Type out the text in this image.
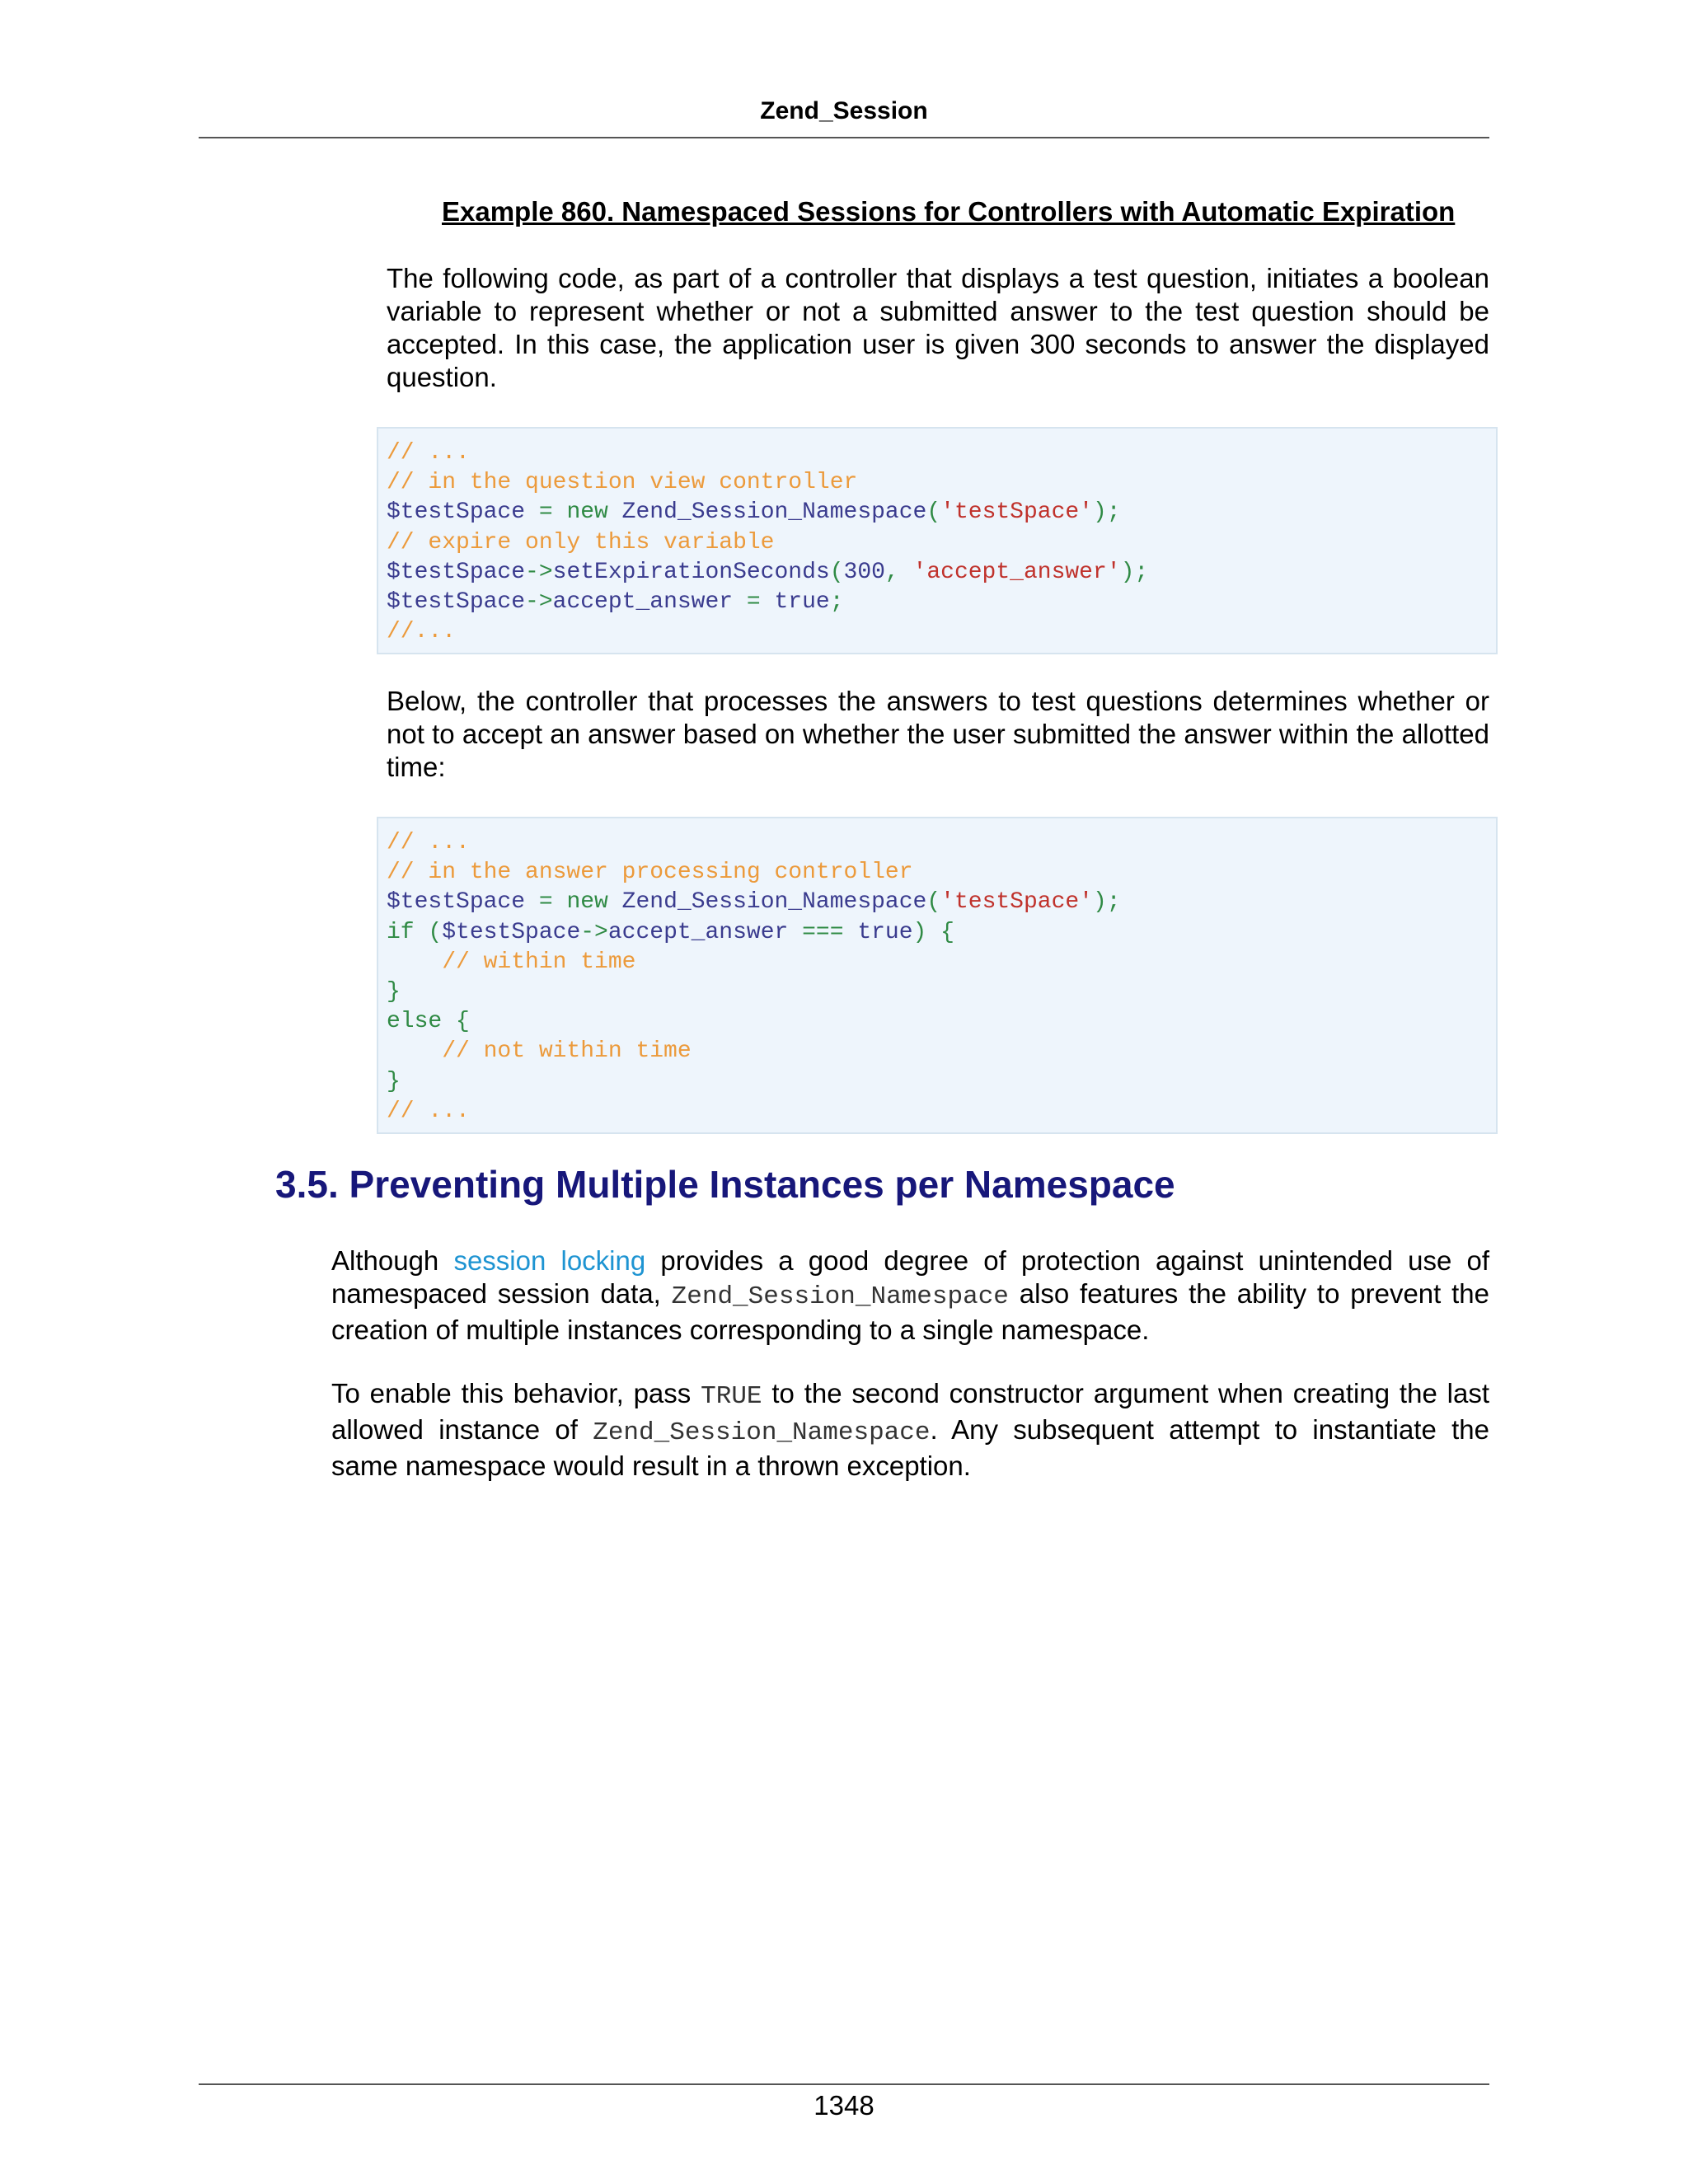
Zend_Session
Example 860. Namespaced Sessions for Controllers with Automatic Expiration

The following code, as part of a controller that displays a test question, initiates a boolean variable to represent whether or not a submitted answer to the test question should be accepted. In this case, the application user is given 300 seconds to answer the displayed question.

// ...
// in the question view controller
$testSpace = new Zend_Session_Namespace('testSpace');
// expire only this variable
$testSpace->setExpirationSeconds(300, 'accept_answer');
$testSpace->accept_answer = true;
//...

Below, the controller that processes the answers to test questions determines whether or not to accept an answer based on whether the user submitted the answer within the allotted time:

// ...
// in the answer processing controller
$testSpace = new Zend_Session_Namespace('testSpace');
if ($testSpace->accept_answer === true) {
// within time
}
else {
// not within time
}
// ...
3.5. Preventing Multiple Instances per Namespace

Although session locking provides a good degree of protection against unintended use of namespaced session data, Zend_Session_Namespace also features the ability to prevent the creation of multiple instances corresponding to a single namespace.

To enable this behavior, pass TRUE to the second constructor argument when creating the last allowed instance of Zend_Session_Namespace. Any subsequent attempt to instantiate the same namespace would result in a thrown exception.

1348
